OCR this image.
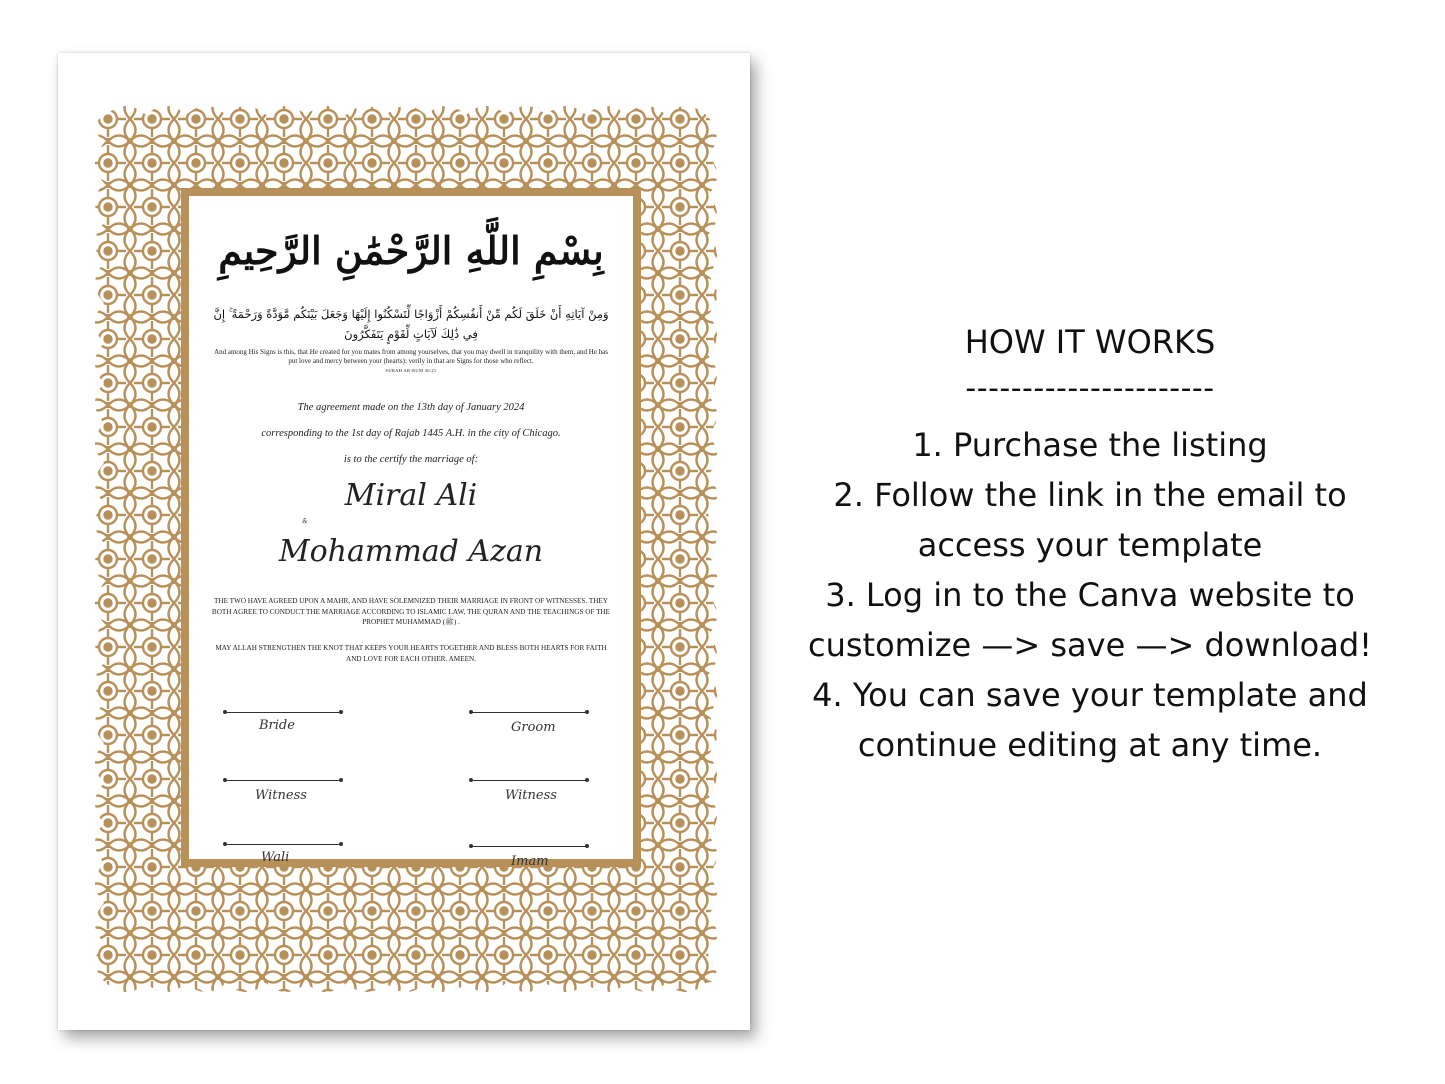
بِسْمِ اللَّهِ الرَّحْمَٰنِ الرَّحِيمِ
وَمِنْ آيَاتِهِ أَنْ خَلَقَ لَكُم مِّنْ أَنفُسِكُمْ أَزْوَاجًا لِّتَسْكُنُوا إِلَيْهَا وَجَعَلَ بَيْنَكُم مَّوَدَّةً وَرَحْمَةً ۚ إِنَّ فِي ذَٰلِكَ لَآيَاتٍ لِّقَوْمٍ يَتَفَكَّرُونَ
And among His Signs is this, that He created for you mates from among yourselves, that you may dwell in tranquility with them, and He has put love and mercy between your (hearts): verily in that are Signs for those who reflect.
SURAH AR-RUM 30:21
The agreement made on the 13th day of January 2024
corresponding to the 1st day of Rajab 1445 A.H. in the city of Chicago.
is to the certify the marriage of:
Miral Ali
&
Mohammad Azan
THE TWO HAVE AGREED UPON A MAHR, AND HAVE SOLEMNIZED THEIR MARRIAGE IN FRONT OF WITNESSES. THEY BOTH AGREE TO CONDUCT THE MARRIAGE ACCORDING TO ISLAMIC LAW, THE QURAN AND THE TEACHINGS OF THE PROPHET MUHAMMAD (ﷺ) .
MAY ALLAH STRENGTHEN THE KNOT THAT KEEPS YOUR HEARTS TOGETHER AND BLESS BOTH HEARTS FOR FAITH AND LOVE FOR EACH OTHER. AMEEN.
Bride	Groom
Witness	Witness
Wali	Imam
HOW IT WORKS
----------------------
1. Purchase the listing
2. Follow the link in the email to
access your template
3. Log in to the Canva website to
customize —> save —> download!
4. You can save your template and
continue editing at any time.
